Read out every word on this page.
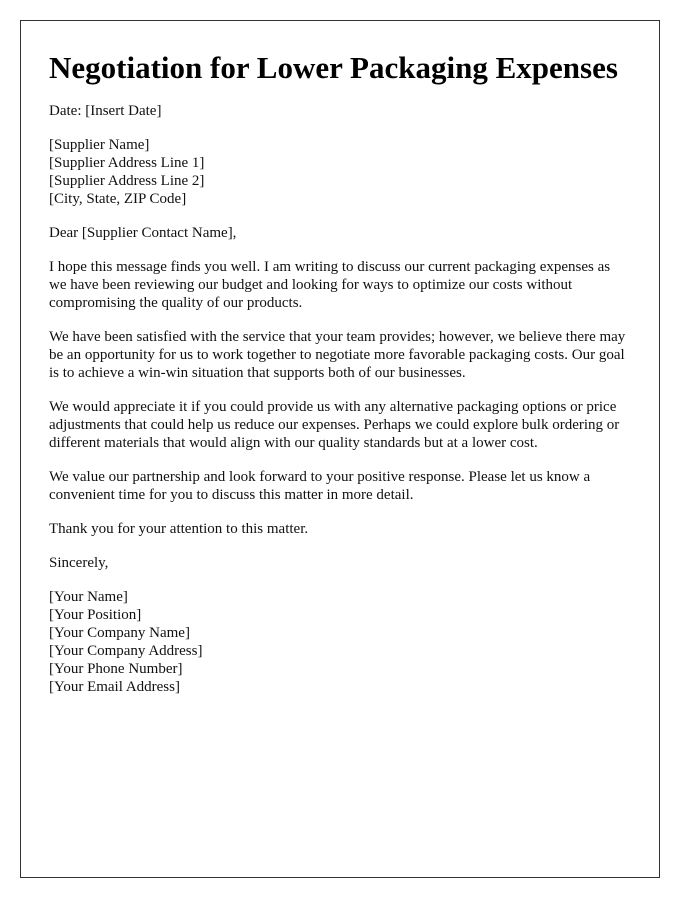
Negotiation for Lower Packaging Expenses

Date: [Insert Date]

[Supplier Name]
[Supplier Address Line 1]
[Supplier Address Line 2]
[City, State, ZIP Code]

Dear [Supplier Contact Name],

I hope this message finds you well. I am writing to discuss our current packaging expenses as we have been reviewing our budget and looking for ways to optimize our costs without compromising the quality of our products.

We have been satisfied with the service that your team provides; however, we believe there may be an opportunity for us to work together to negotiate more favorable packaging costs. Our goal is to achieve a win-win situation that supports both of our businesses.

We would appreciate it if you could provide us with any alternative packaging options or price adjustments that could help us reduce our expenses. Perhaps we could explore bulk ordering or different materials that would align with our quality standards but at a lower cost.

We value our partnership and look forward to your positive response. Please let us know a convenient time for you to discuss this matter in more detail.

Thank you for your attention to this matter.

Sincerely,

[Your Name]
[Your Position]
[Your Company Name]
[Your Company Address]
[Your Phone Number]
[Your Email Address]
